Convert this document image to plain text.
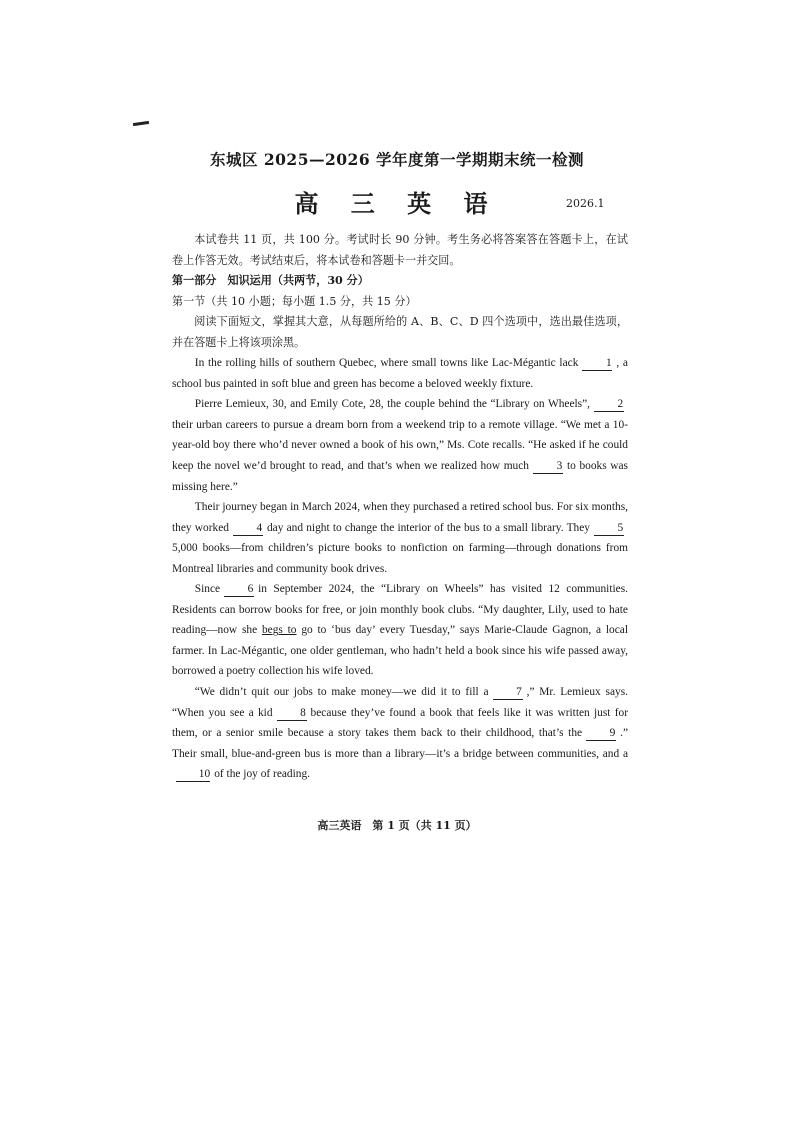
东城区 2025—2026 学年度第一学期期末统一检测
高 三 英 语	2026.1

本试卷共 11 页，共 100 分。考试时长 90 分钟。考生务必将答案答在答题卡上，在试卷上作答无效。考试结束后，将本试卷和答题卡一并交回。

第一部分　知识运用（共两节，30 分）

第一节（共 10 小题；每小题 1.5 分，共 15 分）

阅读下面短文，掌握其大意，从每题所给的 A、B、C、D 四个选项中，选出最佳选项，并在答题卡上将该项涂黑。

In the rolling hills of southern Quebec, where small towns like Lac-Mégantic lack 1 , a school bus painted in soft blue and green has become a beloved weekly fixture.

Pierre Lemieux, 30, and Emily Cote, 28, the couple behind the “Library on Wheels”, 2their urban careers to pursue a dream born from a weekend trip to a remote village. “We met a 10-year-old boy there who’d never owned a book of his own,” Ms. Cote recalls. “He asked if he could keep the novel we’d brought to read, and that’s when we realized how much 3 to books was missing here.”

Their journey began in March 2024, when they purchased a retired school bus. For six months, they worked 4 day and night to change the interior of the bus to a small library. They 55,000 books—from children’s picture books to nonfiction on farming—through donations from Montreal libraries and community book drives.

Since 6 in September 2024, the “Library on Wheels” has visited 12 communities. Residents can borrow books for free, or join monthly book clubs. “My daughter, Lily, used to hate reading—now she begs to go to ‘bus day’ every Tuesday,” says Marie-Claude Gagnon, a local farmer. In Lac-Mégantic, one older gentleman, who hadn’t held a book since his wife passed away, borrowed a poetry collection his wife loved.

“We didn’t quit our jobs to make money—we did it to fill a 7 ,” Mr. Lemieux says. “When you see a kid 8 because they’ve found a book that feels like it was written just for them, or a senior smile because a story takes them back to their childhood, that’s the 9 .” Their small, blue-and-green bus is more than a library—it’s a bridge between communities, and a10 of the joy of reading.

高三英语　第 1 页（共 11 页）
